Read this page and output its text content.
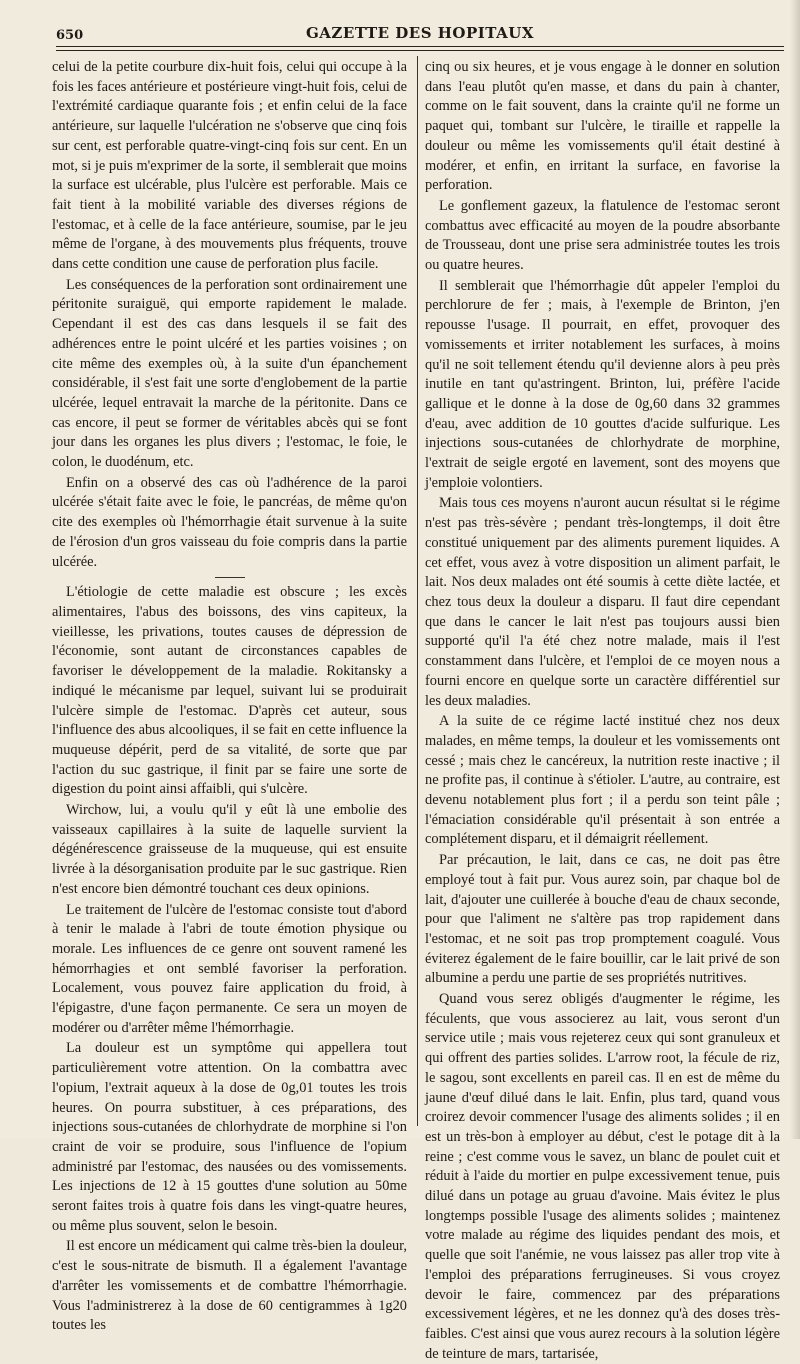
650	GAZETTE DES HOPITAUX

celui de la petite courbure dix-huit fois, celui qui occupe à la fois les faces antérieure et postérieure vingt-huit fois, celui de l'extrémité cardiaque quarante fois ; et enfin celui de la face antérieure, sur laquelle l'ulcération ne s'observe que cinq fois sur cent, est perforable quatre-vingt-cinq fois sur cent. En un mot, si je puis m'exprimer de la sorte, il semblerait que moins la surface est ulcérable, plus l'ulcère est perforable. Mais ce fait tient à la mobilité variable des diverses régions de l'estomac, et à celle de la face antérieure, soumise, par le jeu même de l'organe, à des mouvements plus fréquents, trouve dans cette condition une cause de perforation plus facile.

Les conséquences de la perforation sont ordinairement une péritonite suraiguë, qui emporte rapidement le malade. Cependant il est des cas dans lesquels il se fait des adhérences entre le point ulcéré et les parties voisines ; on cite même des exemples où, à la suite d'un épanchement considérable, il s'est fait une sorte d'englobement de la partie ulcérée, lequel entravait la marche de la péritonite. Dans ce cas encore, il peut se former de véritables abcès qui se font jour dans les organes les plus divers ; l'estomac, le foie, le colon, le duodénum, etc.

Enfin on a observé des cas où l'adhérence de la paroi ulcérée s'était faite avec le foie, le pancréas, de même qu'on cite des exemples où l'hémorrhagie était survenue à la suite de l'érosion d'un gros vaisseau du foie compris dans la partie ulcérée.

L'étiologie de cette maladie est obscure ; les excès alimentaires, l'abus des boissons, des vins capiteux, la vieillesse, les privations, toutes causes de dépression de l'économie, sont autant de circonstances capables de favoriser le développement de la maladie. Rokitansky a indiqué le mécanisme par lequel, suivant lui se produirait l'ulcère simple de l'estomac. D'après cet auteur, sous l'influence des abus alcooliques, il se fait en cette influence la muqueuse dépérit, perd de sa vitalité, de sorte que par l'action du suc gastrique, il finit par se faire une sorte de digestion du point ainsi affaibli, qui s'ulcère.

Wirchow, lui, a voulu qu'il y eût là une embolie des vaisseaux capillaires à la suite de laquelle survient la dégénérescence graisseuse de la muqueuse, qui est ensuite livrée à la désorganisation produite par le suc gastrique. Rien n'est encore bien démontré touchant ces deux opinions.

Le traitement de l'ulcère de l'estomac consiste tout d'abord à tenir le malade à l'abri de toute émotion physique ou morale. Les influences de ce genre ont souvent ramené les hémorrhagies et ont semblé favoriser la perforation. Localement, vous pouvez faire application du froid, à l'épigastre, d'une façon permanente. Ce sera un moyen de modérer ou d'arrêter même l'hémorrhagie.

La douleur est un symptôme qui appellera tout particulièrement votre attention. On la combattra avec l'opium, l'extrait aqueux à la dose de 0g,01 toutes les trois heures. On pourra substituer, à ces préparations, des injections sous-cutanées de chlorhydrate de morphine si l'on craint de voir se produire, sous l'influence de l'opium administré par l'estomac, des nausées ou des vomissements. Les injections de 12 à 15 gouttes d'une solution au 50me seront faites trois à quatre fois dans les vingt-quatre heures, ou même plus souvent, selon le besoin.

Il est encore un médicament qui calme très-bien la douleur, c'est le sous-nitrate de bismuth. Il a également l'avantage d'arrêter les vomissements et de combattre l'hémorrhagie. Vous l'administrerez à la dose de 60 centigrammes à 1g20 toutes les

cinq ou six heures, et je vous engage à le donner en solution dans l'eau plutôt qu'en masse, et dans du pain à chanter, comme on le fait souvent, dans la crainte qu'il ne forme un paquet qui, tombant sur l'ulcère, le tiraille et rappelle la douleur ou même les vomissements qu'il était destiné à modérer, et enfin, en irritant la surface, en favorise la perforation.

Le gonflement gazeux, la flatulence de l'estomac seront combattus avec efficacité au moyen de la poudre absorbante de Trousseau, dont une prise sera administrée toutes les trois ou quatre heures.

Il semblerait que l'hémorrhagie dût appeler l'emploi du perchlorure de fer ; mais, à l'exemple de Brinton, j'en repousse l'usage. Il pourrait, en effet, provoquer des vomissements et irriter notablement les surfaces, à moins qu'il ne soit tellement étendu qu'il devienne alors à peu près inutile en tant qu'astringent. Brinton, lui, préfère l'acide gallique et le donne à la dose de 0g,60 dans 32 grammes d'eau, avec addition de 10 gouttes d'acide sulfurique. Les injections sous-cutanées de chlorhydrate de morphine, l'extrait de seigle ergoté en lavement, sont des moyens que j'emploie volontiers.

Mais tous ces moyens n'auront aucun résultat si le régime n'est pas très-sévère ; pendant très-longtemps, il doit être constitué uniquement par des aliments purement liquides. A cet effet, vous avez à votre disposition un aliment parfait, le lait. Nos deux malades ont été soumis à cette diète lactée, et chez tous deux la douleur a disparu. Il faut dire cependant que dans le cancer le lait n'est pas toujours aussi bien supporté qu'il l'a été chez notre malade, mais il l'est constamment dans l'ulcère, et l'emploi de ce moyen nous a fourni encore en quelque sorte un caractère différentiel sur les deux maladies.

A la suite de ce régime lacté institué chez nos deux malades, en même temps, la douleur et les vomissements ont cessé ; mais chez le cancéreux, la nutrition reste inactive ; il ne profite pas, il continue à s'étioler. L'autre, au contraire, est devenu notablement plus fort ; il a perdu son teint pâle ; l'émaciation considérable qu'il présentait à son entrée a complétement disparu, et il démaigrit réellement.

Par précaution, le lait, dans ce cas, ne doit pas être employé tout à fait pur. Vous aurez soin, par chaque bol de lait, d'ajouter une cuillerée à bouche d'eau de chaux seconde, pour que l'aliment ne s'altère pas trop rapidement dans l'estomac, et ne soit pas trop promptement coagulé. Vous éviterez également de le faire bouillir, car le lait privé de son albumine a perdu une partie de ses propriétés nutritives.

Quand vous serez obligés d'augmenter le régime, les féculents, que vous associerez au lait, vous seront d'un service utile ; mais vous rejeterez ceux qui sont granuleux et qui offrent des parties solides. L'arrow root, la fécule de riz, le sagou, sont excellents en pareil cas. Il en est de même du jaune d'œuf dilué dans le lait. Enfin, plus tard, quand vous croirez devoir commencer l'usage des aliments solides ; il en est un très-bon à employer au début, c'est le potage dit à la reine ; c'est comme vous le savez, un blanc de poulet cuit et réduit à l'aide du mortier en pulpe excessivement tenue, puis dilué dans un potage au gruau d'avoine. Mais évitez le plus longtemps possible l'usage des aliments solides ; maintenez votre malade au régime des liquides pendant des mois, et quelle que soit l'anémie, ne vous laissez pas aller trop vite à l'emploi des préparations ferrugineuses. Si vous croyez devoir le faire, commencez par des préparations excessivement légères, et ne les donnez qu'à des doses très-faibles. C'est ainsi que vous aurez recours à la solution légère de teinture de mars, tartarisée,
